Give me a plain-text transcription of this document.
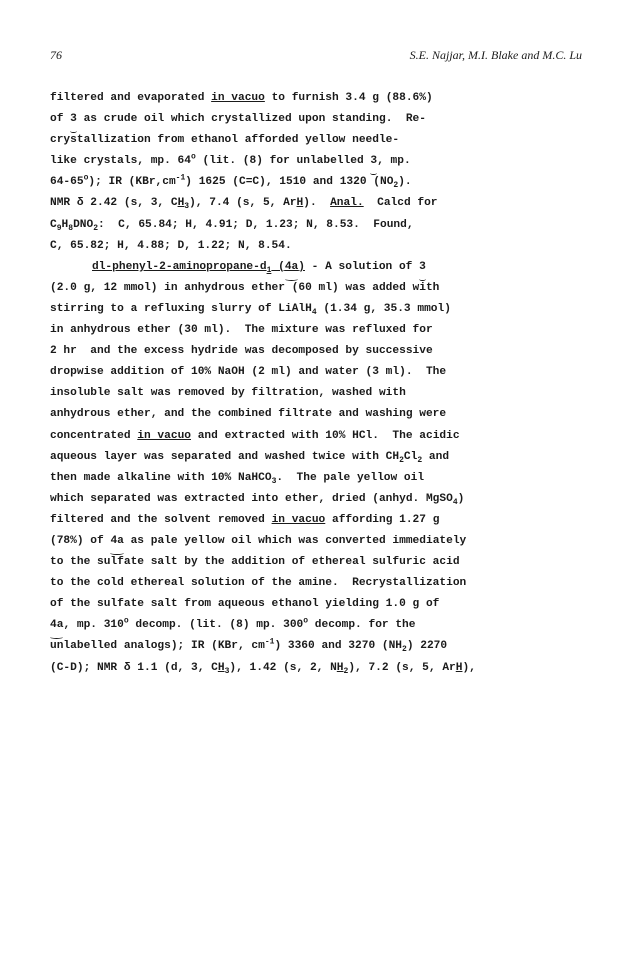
76	S.E. Najjar, M.I. Blake and M.C. Lu
filtered and evaporated in vacuo to furnish 3.4 g (88.6%)
of 3 as crude oil which crystallized upon standing.  Re-
crystallization from ethanol afforded yellow needle-
like crystals, mp. 64$^o$ (lit. (8) for unlabelled 3, mp.
64-65$^o$); IR $(KBr,cm^{-1})$ 1625 (C=C), 1510 and 1320 $(NO_2)$.
NMR δ 2.42 (s, 3, $CH_3$), 7.4 (s, 5, ArH).  Anal.  Calcd for
$C_9H_8DNO_2$:  C, 65.84; H, 4.91; D, 1.23; N, 8.53.  Found,
C, 65.82; H, 4.88; D, 1.22; N, 8.54.
$dl-phenyl-2-aminopropane-d_1$ (4a) - A solution of 3
(2.0 g, 12 mmol) in anhydrous ether (60 ml) was added with
stirring to a refluxing slurry of LiAlH$_4$ (1.34 g, 35.3 mmol)
in anhydrous ether (30 ml).  The mixture was refluxed for
2 hr  and the excess hydride was decomposed by successive
dropwise addition of 10% NaOH (2 ml) and water (3 ml).  The
insoluble salt was removed by filtration, washed with
anhydrous ether, and the combined filtrate and washing were
concentrated in vacuo and extracted with 10% HCl.  The acidic
aqueous layer was separated and washed twice with $CH_2Cl_2$ and
then made alkaline with 10% NaHCO$_3$.  The pale yellow oil
which separated was extracted into ether, dried (anhyd. MgSO$_4$)
filtered and the solvent removed in vacuo affording 1.27 g
(78%) of 4a as pale yellow oil which was converted immediately
to the sulfate salt by the addition of ethereal sulfuric acid
to the cold ethereal solution of the amine.  Recrystallization
of the sulfate salt from aqueous ethanol yielding 1.0 g of
4a, mp. 310$^o$ decomp. (lit. (8) mp. 300$^o$ decomp. for the
unlabelled analogs); IR (KBr, $cm^{-1}$) 3360 and 3270 $(NH_2)$ 2270
(C-D); NMR δ 1.1 (d, 3, $CH_3$), 1.42 (s, 2, $NH_2$), 7.2 (s, 5, ArH),
